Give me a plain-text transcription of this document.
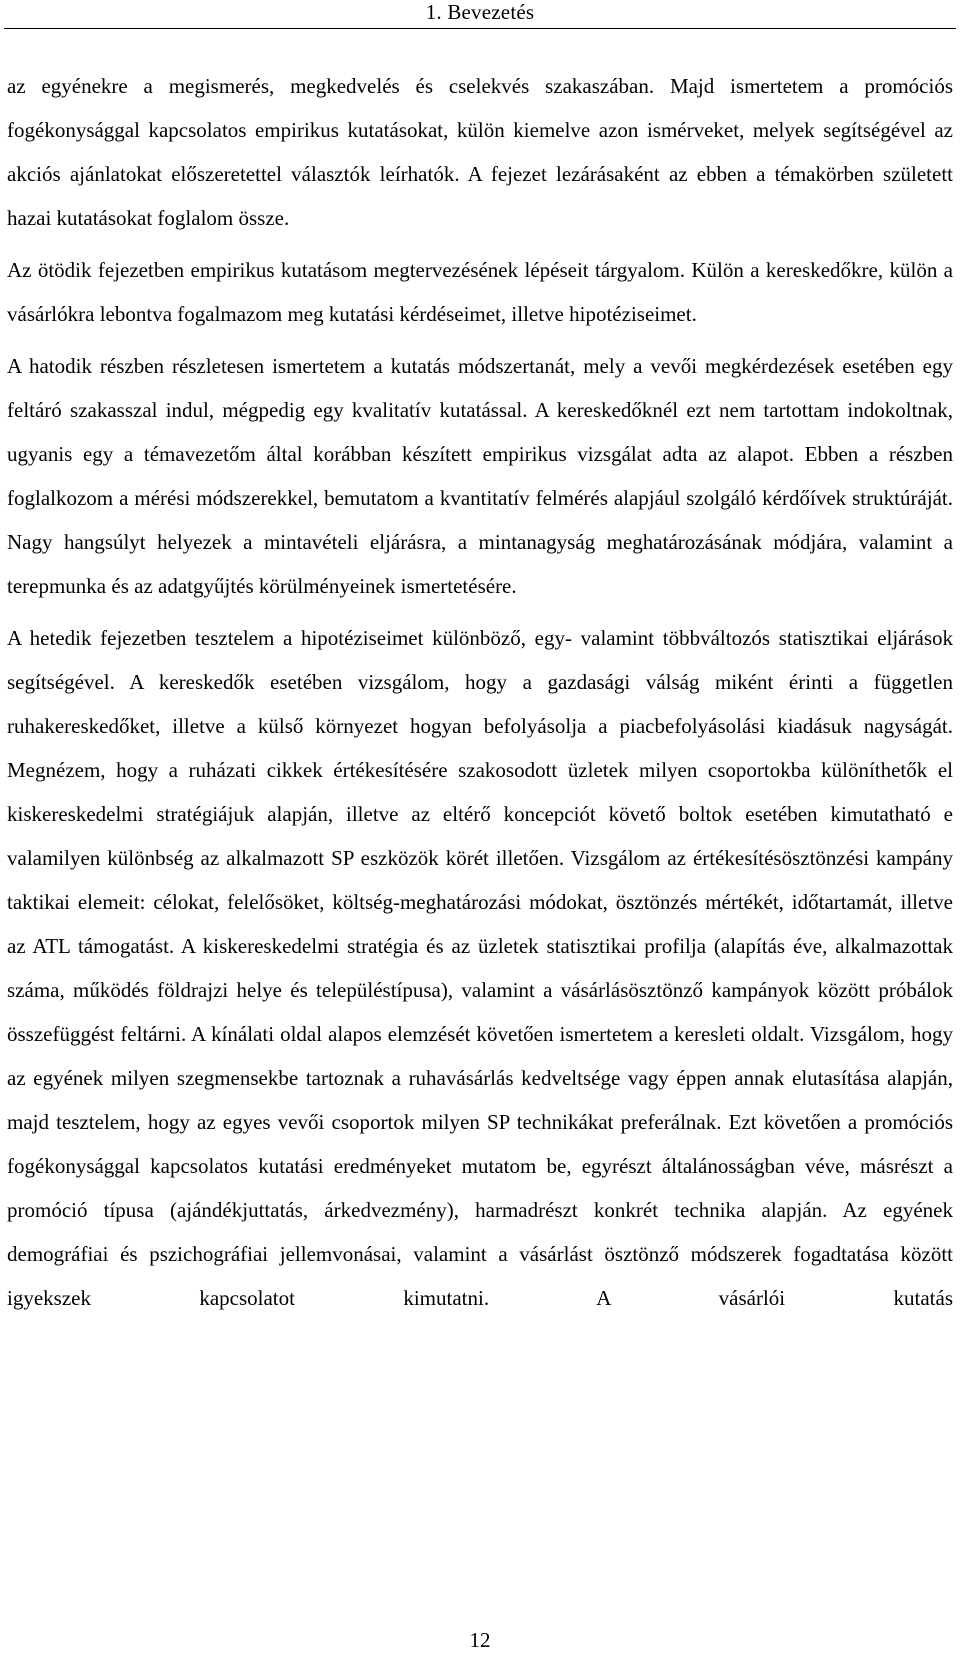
1. Bevezetés

az egyénekre a megismerés, megkedvelés és cselekvés szakaszában. Majd ismertetem a promóciós fogékonysággal kapcsolatos empirikus kutatásokat, külön kiemelve azon ismérveket, melyek segítségével az akciós ajánlatokat előszeretettel választók leírhatók. A fejezet lezárásaként az ebben a témakörben született hazai kutatásokat foglalom össze.

Az ötödik fejezetben empirikus kutatásom megtervezésének lépéseit tárgyalom. Külön a kereskedőkre, külön a vásárlókra lebontva fogalmazom meg kutatási kérdéseimet, illetve hipotéziseimet.

A hatodik részben részletesen ismertetem a kutatás módszertanát, mely a vevői megkérdezések esetében egy feltáró szakasszal indul, mégpedig egy kvalitatív kutatással. A kereskedőknél ezt nem tartottam indokoltnak, ugyanis egy a témavezetőm által korábban készített empirikus vizsgálat adta az alapot. Ebben a részben foglalkozom a mérési módszerekkel, bemutatom a kvantitatív felmérés alapjául szolgáló kérdőívek struktúráját. Nagy hangsúlyt helyezek a mintavételi eljárásra, a mintanagyság meghatározásának módjára, valamint a terepmunka és az adatgyűjtés körülményeinek ismertetésére.

A hetedik fejezetben tesztelem a hipotéziseimet különböző, egy- valamint többváltozós statisztikai eljárások segítségével. A kereskedők esetében vizsgálom, hogy a gazdasági válság miként érinti a független ruhakereskedőket, illetve a külső környezet hogyan befolyásolja a piacbefolyásolási kiadásuk nagyságát. Megnézem, hogy a ruházati cikkek értékesítésére szakosodott üzletek milyen csoportokba különíthetők el kiskereskedelmi stratégiájuk alapján, illetve az eltérő koncepciót követő boltok esetében kimutatható e valamilyen különbség az alkalmazott SP eszközök körét illetően. Vizsgálom az értékesítésösztönzési kampány taktikai elemeit: célokat, felelősöket, költség-meghatározási módokat, ösztönzés mértékét, időtartamát, illetve az ATL támogatást. A kiskereskedelmi stratégia és az üzletek statisztikai profilja (alapítás éve, alkalmazottak száma, működés földrajzi helye és településtípusa), valamint a vásárlásösztönző kampányok között próbálok összefüggést feltárni. A kínálati oldal alapos elemzését követően ismertetem a keresleti oldalt. Vizsgálom, hogy az egyének milyen szegmensekbe tartoznak a ruhavásárlás kedveltsége vagy éppen annak elutasítása alapján, majd tesztelem, hogy az egyes vevői csoportok milyen SP technikákat preferálnak. Ezt követően a promóciós fogékonysággal kapcsolatos kutatási eredményeket mutatom be, egyrészt általánosságban véve, másrészt a promóció típusa (ajándékjuttatás, árkedvezmény), harmadrészt konkrét technika alapján. Az egyének demográfiai és pszichográfiai jellemvonásai, valamint a vásárlást ösztönző módszerek fogadtatása között igyekszek kapcsolatot kimutatni. A vásárlói kutatás

12
